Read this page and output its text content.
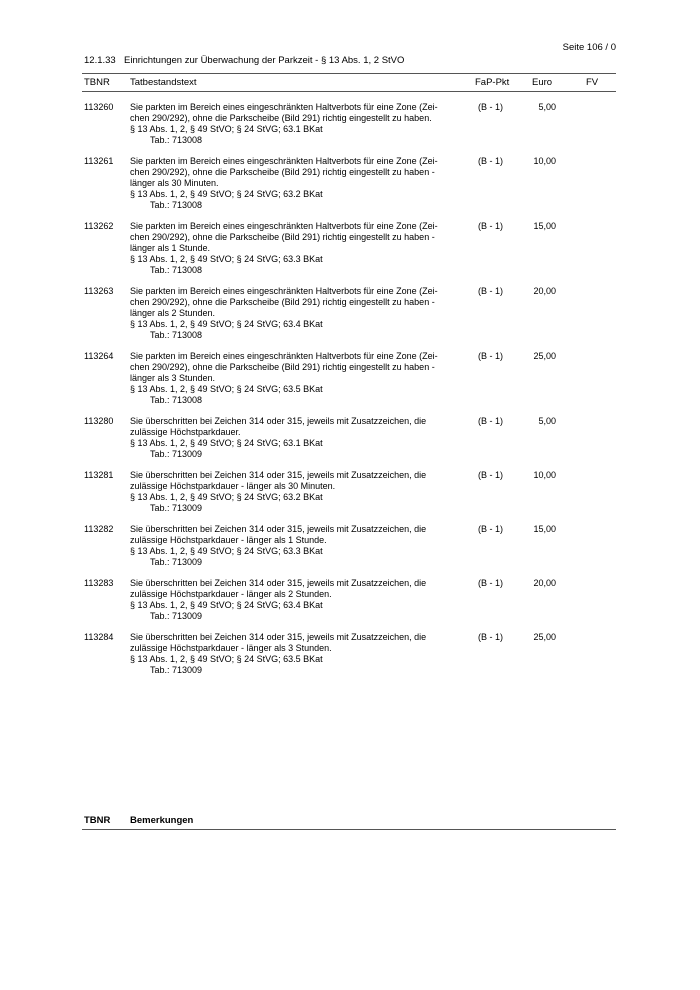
Seite 106 / 0
12.1.33 Einrichtungen zur Überwachung der Parkzeit - § 13 Abs. 1, 2 StVO
TBNR Tatbestandstext	FaP-Pkt Euro	FV
113260 Sie parkten im Bereich eines eingeschränkten Haltverbots für eine Zone (Zei-
chen 290/292), ohne die Parkscheibe (Bild 291) richtig eingestellt zu haben.
§ 13 Abs. 1, 2, § 49 StVO; § 24 StVG; 63.1 BKat
Tab.: 713008
(B - 1)	5,00
113261 Sie parkten im Bereich eines eingeschränkten Haltverbots für eine Zone (Zei-
chen 290/292), ohne die Parkscheibe (Bild 291) richtig eingestellt zu haben -
länger als 30 Minuten.
§ 13 Abs. 1, 2, § 49 StVO; § 24 StVG; 63.2 BKat
Tab.: 713008
(B - 1)	10,00
113262 Sie parkten im Bereich eines eingeschränkten Haltverbots für eine Zone (Zei-
chen 290/292), ohne die Parkscheibe (Bild 291) richtig eingestellt zu haben -
länger als 1 Stunde.
§ 13 Abs. 1, 2, § 49 StVO; § 24 StVG; 63.3 BKat
Tab.: 713008
(B - 1)	15,00
113263 Sie parkten im Bereich eines eingeschränkten Haltverbots für eine Zone (Zei-
chen 290/292), ohne die Parkscheibe (Bild 291) richtig eingestellt zu haben -
länger als 2 Stunden.
§ 13 Abs. 1, 2, § 49 StVO; § 24 StVG; 63.4 BKat
Tab.: 713008
(B - 1)	20,00
113264 Sie parkten im Bereich eines eingeschränkten Haltverbots für eine Zone (Zei-
chen 290/292), ohne die Parkscheibe (Bild 291) richtig eingestellt zu haben -
länger als 3 Stunden.
§ 13 Abs. 1, 2, § 49 StVO; § 24 StVG; 63.5 BKat
Tab.: 713008
(B - 1)	25,00
113280 Sie überschritten bei Zeichen 314 oder 315, jeweils mit Zusatzzeichen, die
zulässige Höchstparkdauer.
§ 13 Abs. 1, 2, § 49 StVO; § 24 StVG; 63.1 BKat
Tab.: 713009
(B - 1)	5,00
113281 Sie überschritten bei Zeichen 314 oder 315, jeweils mit Zusatzzeichen, die
zulässige Höchstparkdauer - länger als 30 Minuten.
§ 13 Abs. 1, 2, § 49 StVO; § 24 StVG; 63.2 BKat
Tab.: 713009
(B - 1)	10,00
113282 Sie überschritten bei Zeichen 314 oder 315, jeweils mit Zusatzzeichen, die
zulässige Höchstparkdauer - länger als 1 Stunde.
§ 13 Abs. 1, 2, § 49 StVO; § 24 StVG; 63.3 BKat
Tab.: 713009
(B - 1)	15,00
113283 Sie überschritten bei Zeichen 314 oder 315, jeweils mit Zusatzzeichen, die
zulässige Höchstparkdauer - länger als 2 Stunden.
§ 13 Abs. 1, 2, § 49 StVO; § 24 StVG; 63.4 BKat
Tab.: 713009
(B - 1)	20,00
113284 Sie überschritten bei Zeichen 314 oder 315, jeweils mit Zusatzzeichen, die
zulässige Höchstparkdauer - länger als 3 Stunden.
§ 13 Abs. 1, 2, § 49 StVO; § 24 StVG; 63.5 BKat
Tab.: 713009
(B - 1)	25,00
TBNR Bemerkungen
